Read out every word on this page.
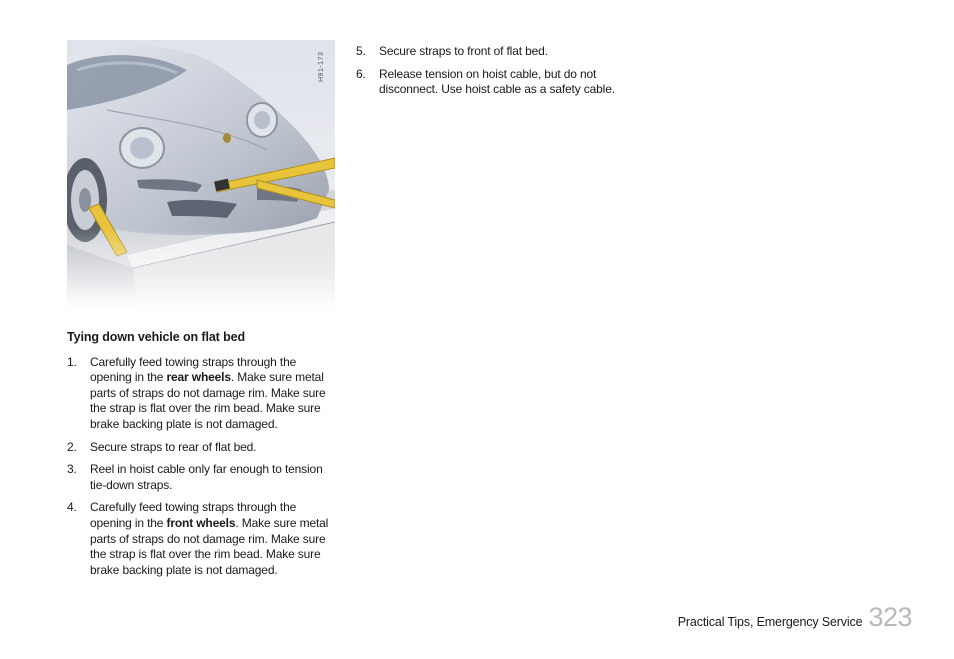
H91-173
Tying down vehicle on flat bed
1. Carefully feed towing straps through the opening in the rear wheels. Make sure metal parts of straps do not damage rim. Make sure the strap is flat over the rim bead. Make sure brake backing plate is not damaged.
2. Secure straps to rear of flat bed.
3. Reel in hoist cable only far enough to tension tie-down straps.
4. Carefully feed towing straps through the opening in the front wheels. Make sure metal parts of straps do not damage rim. Make sure the strap is flat over the rim bead. Make sure brake backing plate is not damaged.
5. Secure straps to front of flat bed.
6. Release tension on hoist cable, but do not disconnect. Use hoist cable as a safety cable.
Practical Tips, Emergency Service 323
